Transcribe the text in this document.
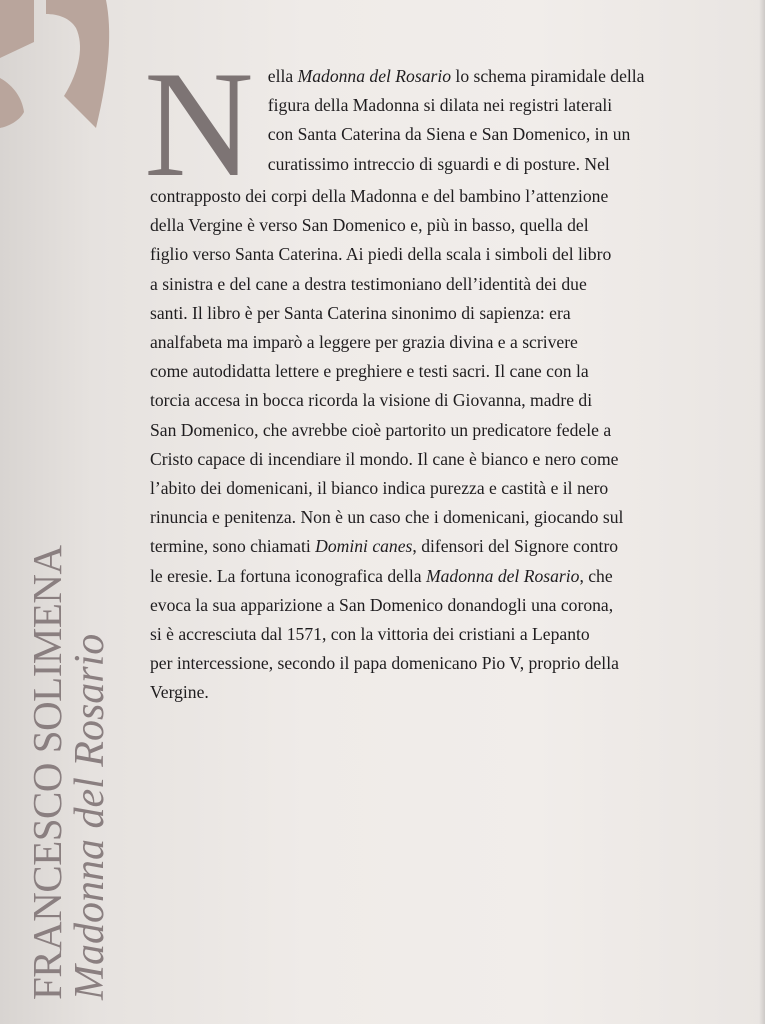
FRANCESCO SOLIMENA
Madonna del Rosario
N ella Madonna del Rosario lo schema piramidale della
figura della Madonna si dilata nei registri laterali
con Santa Caterina da Siena e San Domenico, in un
curatissimo intreccio di sguardi e di posture. Nel
contrapposto dei corpi della Madonna e del bambino l’attenzione
della Vergine è verso San Domenico e, più in basso, quella del
figlio verso Santa Caterina. Ai piedi della scala i simboli del libro
a sinistra e del cane a destra testimoniano dell’identità dei due
santi. Il libro è per Santa Caterina sinonimo di sapienza: era
analfabeta ma imparò a leggere per grazia divina e a scrivere
come autodidatta lettere e preghiere e testi sacri. Il cane con la
torcia accesa in bocca ricorda la visione di Giovanna, madre di
San Domenico, che avrebbe cioè partorito un predicatore fedele a
Cristo capace di incendiare il mondo. Il cane è bianco e nero come
l’abito dei domenicani, il bianco indica purezza e castità e il nero
rinuncia e penitenza. Non è un caso che i domenicani, giocando sul
termine, sono chiamati Domini canes, difensori del Signore contro
le eresie. La fortuna iconografica della Madonna del Rosario, che
evoca la sua apparizione a San Domenico donandogli una corona,
si è accresciuta dal 1571, con la vittoria dei cristiani a Lepanto
per intercessione, secondo il papa domenicano Pio V, proprio della
Vergine.
